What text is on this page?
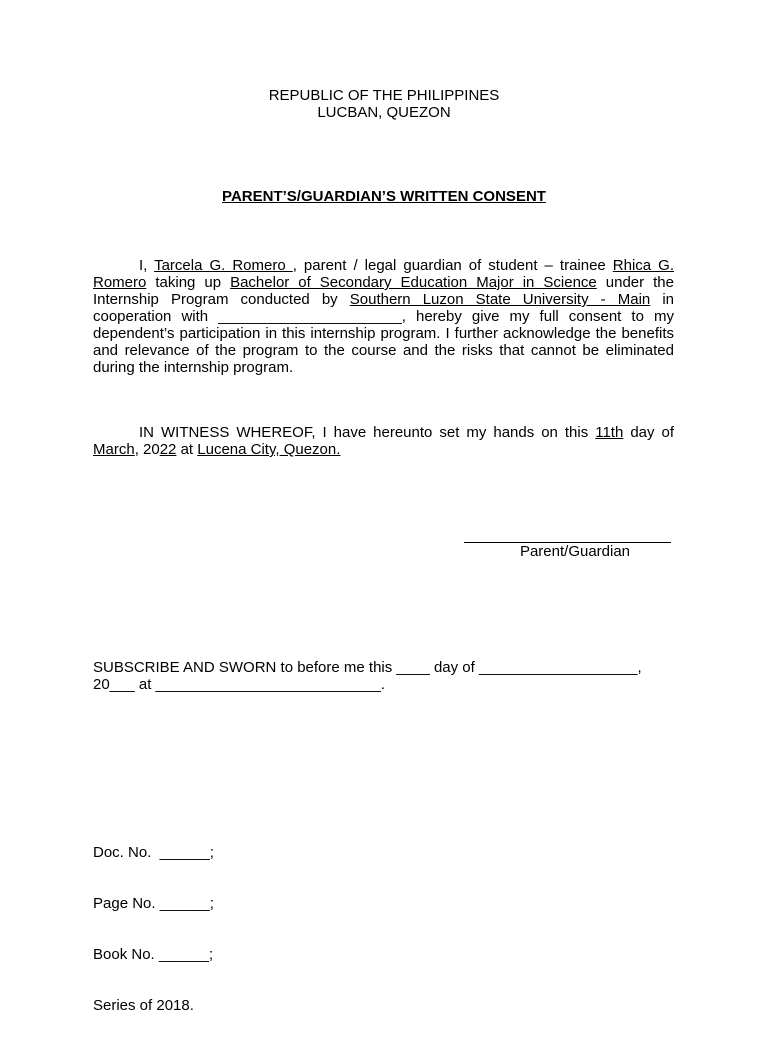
REPUBLIC OF THE PHILIPPINES
LUCBAN, QUEZON
PARENT’S/GUARDIAN’S WRITTEN CONSENT
I, Tarcela G. Romero , parent / legal guardian of student – trainee Rhica G. Romero taking up Bachelor of Secondary Education Major in Science under the Internship Program conducted by Southern Luzon State University - Main in cooperation with ______________________, hereby give my full consent to my dependent’s participation in this internship program. I further acknowledge the benefits and relevance of the program to the course and the risks that cannot be eliminated during the internship program.
IN WITNESS WHEREOF, I have hereunto set my hands on this 11th day of March, 2022 at Lucena City, Quezon.
Parent/Guardian
SUBSCRIBE AND SWORN to before me this ____ day of ___________________,
20___ at ___________________________.

Doc. No.  ______;

Page No. ______;

Book No. ______;

Series of 2018.
